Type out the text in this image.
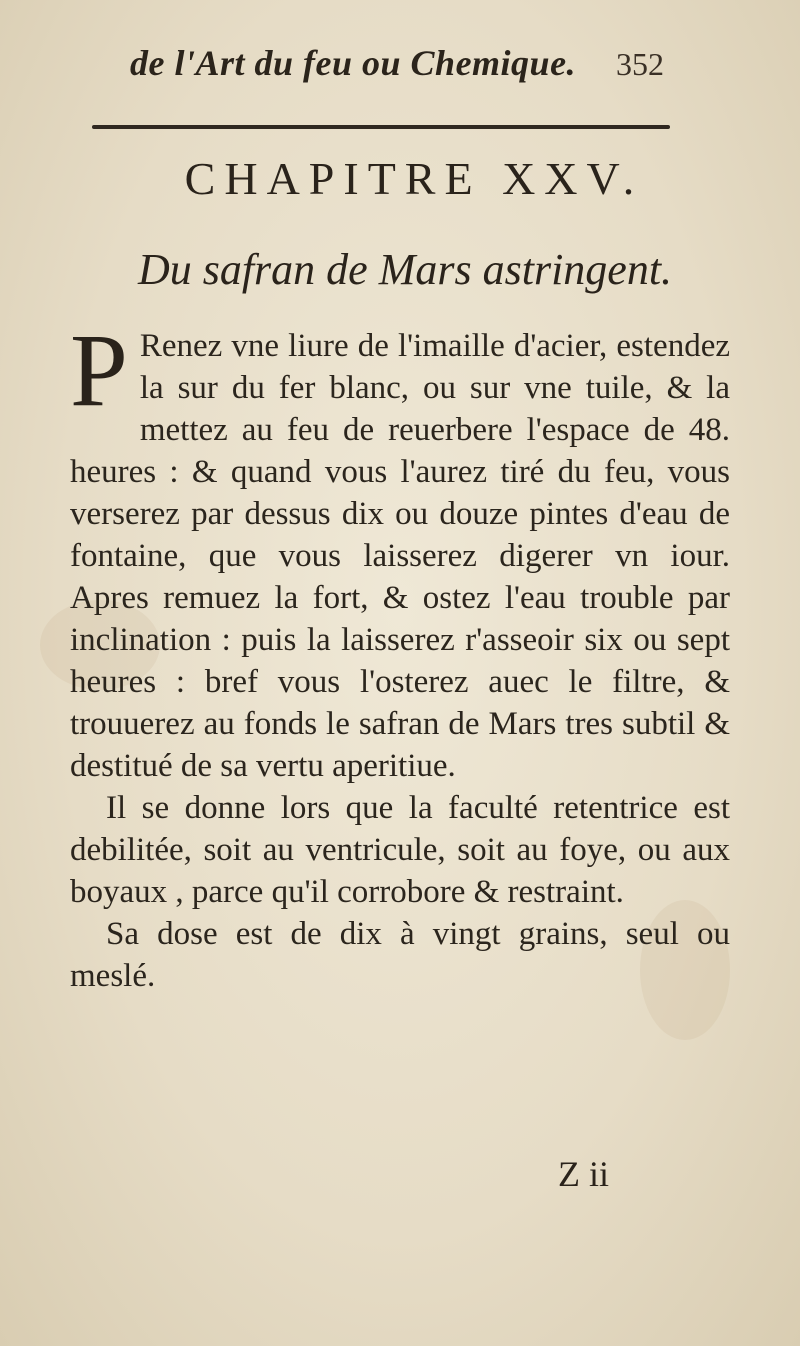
de l'Art du feu ou Chemique. 352
CHAPITRE XXV.
Du safran de Mars astringent.

P Renez vne liure de l'imaille d'acier, estendez la sur du fer blanc, ou sur vne tuile, & la mettez au feu de reuerbere l'espace de 48. heures : & quand vous l'aurez tiré du feu, vous verserez par dessus dix ou douze pintes d'eau de fontaine, que vous laisserez digerer vn iour. Apres remuez la fort, & ostez l'eau trouble par inclination : puis la laisserez r'asseoir six ou sept heures : bref vous l'osterez auec le filtre, & trouuerez au fonds le safran de Mars tres subtil & destitué de sa vertu aperitiue.

Il se donne lors que la faculté retentrice est debilitée, soit au ventricule, soit au foye, ou aux boyaux , parce qu'il corrobore & restraint.

Sa dose est de dix à vingt grains, seul ou meslé.

Z ii
